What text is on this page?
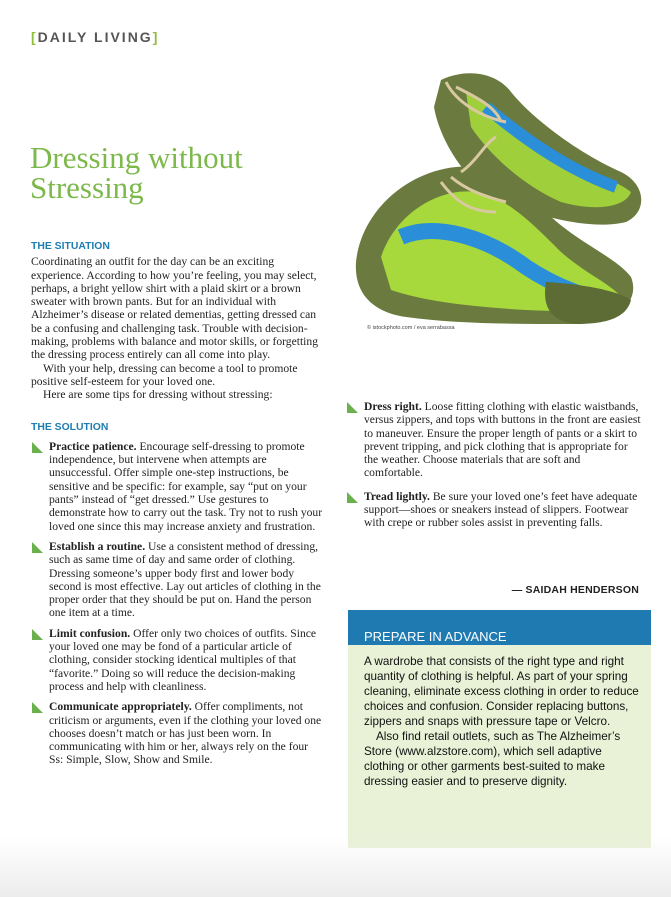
[DAILY LIVING]
Dressing without Stressing
© istockphoto.com / eva serrabassa
THE SITUATION

Coordinating an outfit for the day can be an exciting experience. According to how you’re feeling, you may select, perhaps, a bright yellow shirt with a plaid skirt or a brown sweater with brown pants. But for an individual with Alzheimer’s disease or related dementias, getting dressed can be a confusing and challenging task. Trouble with decision-making, problems with balance and motor skills, or forgetting the dressing process entirely can all come into play.

With your help, dressing can become a tool to promote positive self-esteem for your loved one.

Here are some tips for dressing without stressing:

THE SOLUTION
Practice patience. Encourage self-dressing to promote independence, but intervene when attempts are unsuccessful. Offer simple one-step instructions, be sensitive and be specific: for example, say “put on your pants” instead of “get dressed.” Use gestures to demonstrate how to carry out the task. Try not to rush your loved one since this may increase anxiety and frustration.
Establish a routine. Use a consistent method of dressing, such as same time of day and same order of clothing. Dressing someone’s upper body first and lower body second is most effective. Lay out articles of clothing in the proper order that they should be put on. Hand the person one item at a time.
Limit confusion. Offer only two choices of outfits. Since your loved one may be fond of a particular article of clothing, consider stocking identical multiples of that “favorite.” Doing so will reduce the decision-making process and help with cleanliness.
Communicate appropriately. Offer compliments, not criticism or arguments, even if the clothing your loved one chooses doesn’t match or has just been worn. In communicating with him or her, always rely on the four Ss: Simple, Slow, Show and Smile.
Dress right. Loose fitting clothing with elastic waistbands, versus zippers, and tops with buttons in the front are easiest to maneuver. Ensure the proper length of pants or a skirt to prevent tripping, and pick clothing that is appropriate for the weather. Choose materials that are soft and comfortable.
Tread lightly. Be sure your loved one’s feet have adequate support—shoes or sneakers instead of slippers. Footwear with crepe or rubber soles assist in preventing falls.
— SAIDAH HENDERSON
PREPARE IN ADVANCE

A wardrobe that consists of the right type and right quantity of clothing is helpful. As part of your spring cleaning, eliminate excess clothing in order to reduce choices and confusion. Consider replacing buttons, zippers and snaps with pressure tape or Velcro.

Also find retail outlets, such as The Alzheimer’s Store (www.alzstore.com), which sell adaptive clothing or other garments best-suited to make dressing easier and to preserve dignity.
